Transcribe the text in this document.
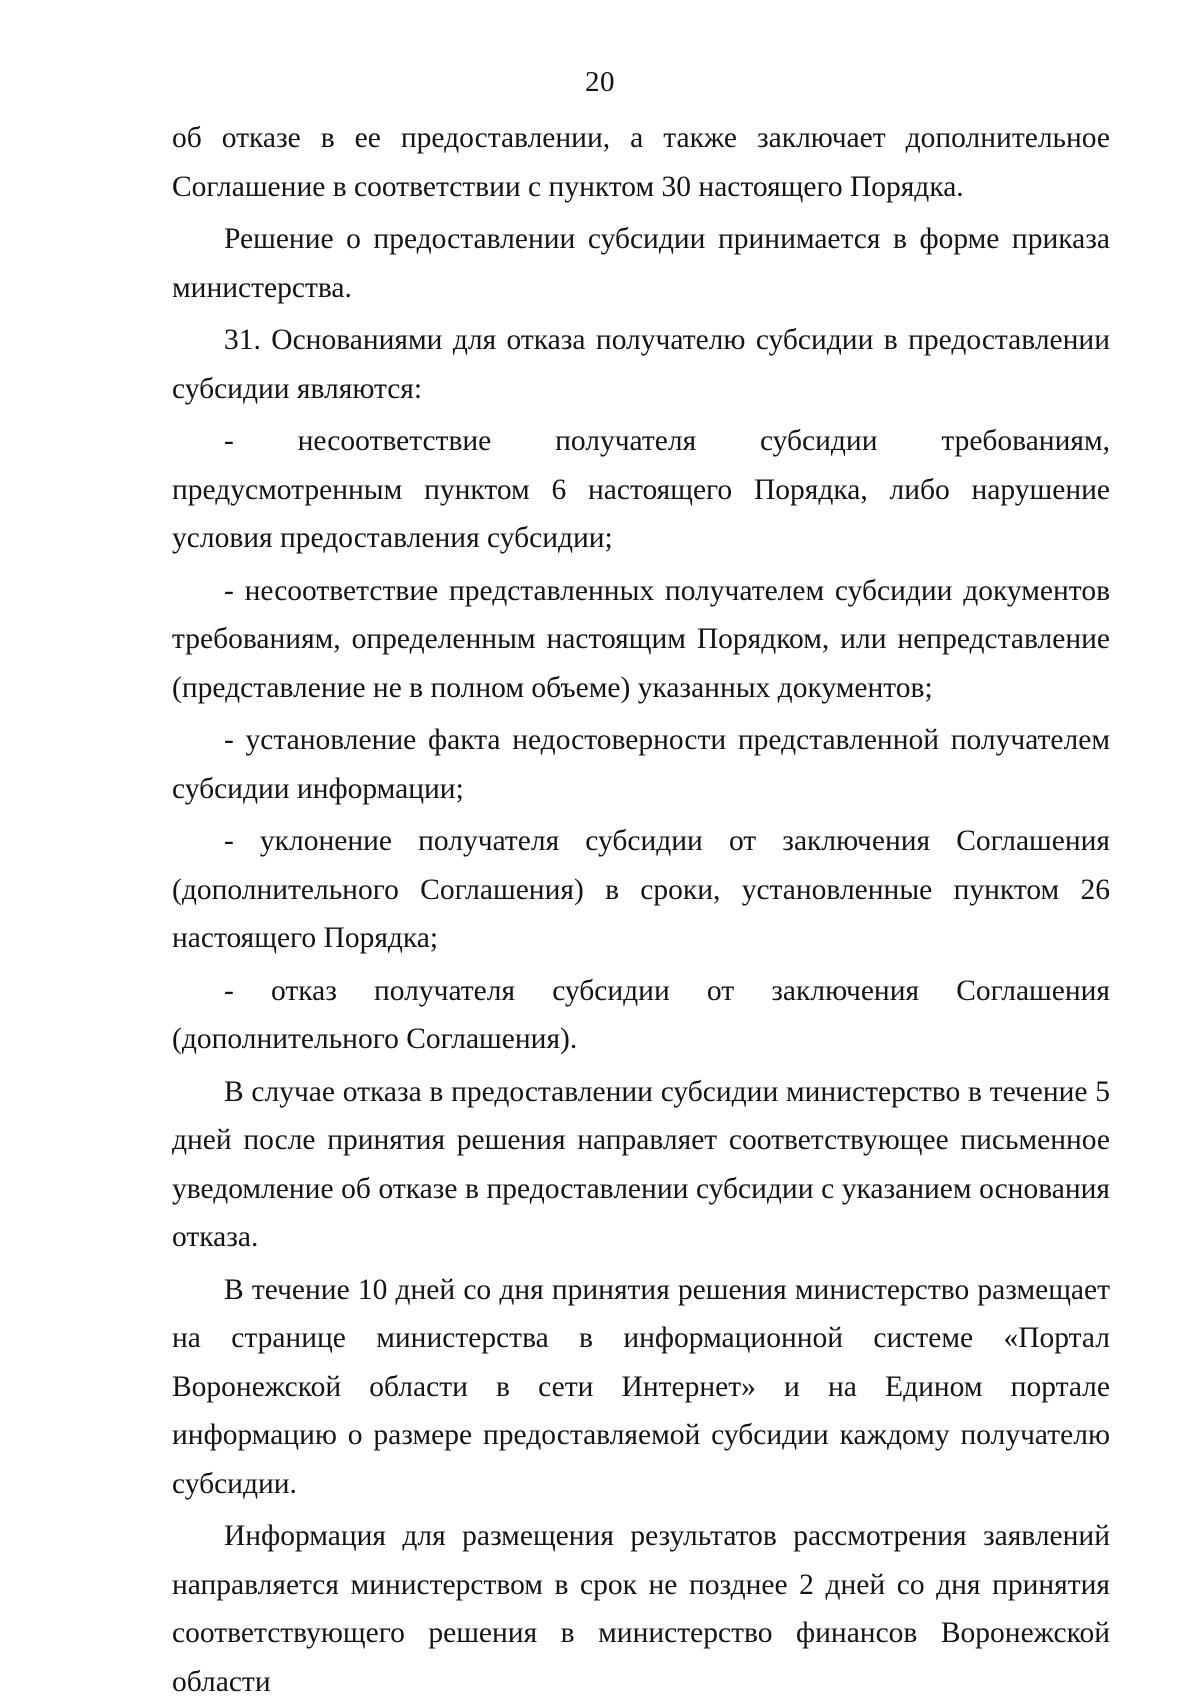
20

об отказе в ее предоставлении, а также заключает дополнительное Соглашение в соответствии с пунктом 30 настоящего Порядка.

Решение о предоставлении субсидии принимается в форме приказа министерства.

31. Основаниями для отказа получателю субсидии в предоставлении субсидии являются:

- несоответствие получателя субсидии требованиям, предусмотренным пунктом 6 настоящего Порядка, либо нарушение условия предоставления субсидии;

- несоответствие представленных получателем субсидии документов требованиям, определенным настоящим Порядком, или непредставление (представление не в полном объеме) указанных документов;

- установление факта недостоверности представленной получателем субсидии информации;

- уклонение получателя субсидии от заключения Соглашения (дополнительного Соглашения) в сроки, установленные пунктом 26 настоящего Порядка;

- отказ получателя субсидии от заключения Соглашения (дополнительного Соглашения).

В случае отказа в предоставлении субсидии министерство в течение 5 дней после принятия решения направляет соответствующее письменное уведомление об отказе в предоставлении субсидии с указанием основания отказа.

В течение 10 дней со дня принятия решения министерство размещает на странице министерства в информационной системе «Портал Воронежской области в сети Интернет» и на Едином портале информацию о размере предоставляемой субсидии каждому получателю субсидии.

Информация для размещения результатов рассмотрения заявлений направляется министерством в срок не позднее 2 дней со дня принятия соответствующего решения в министерство финансов Воронежской области
